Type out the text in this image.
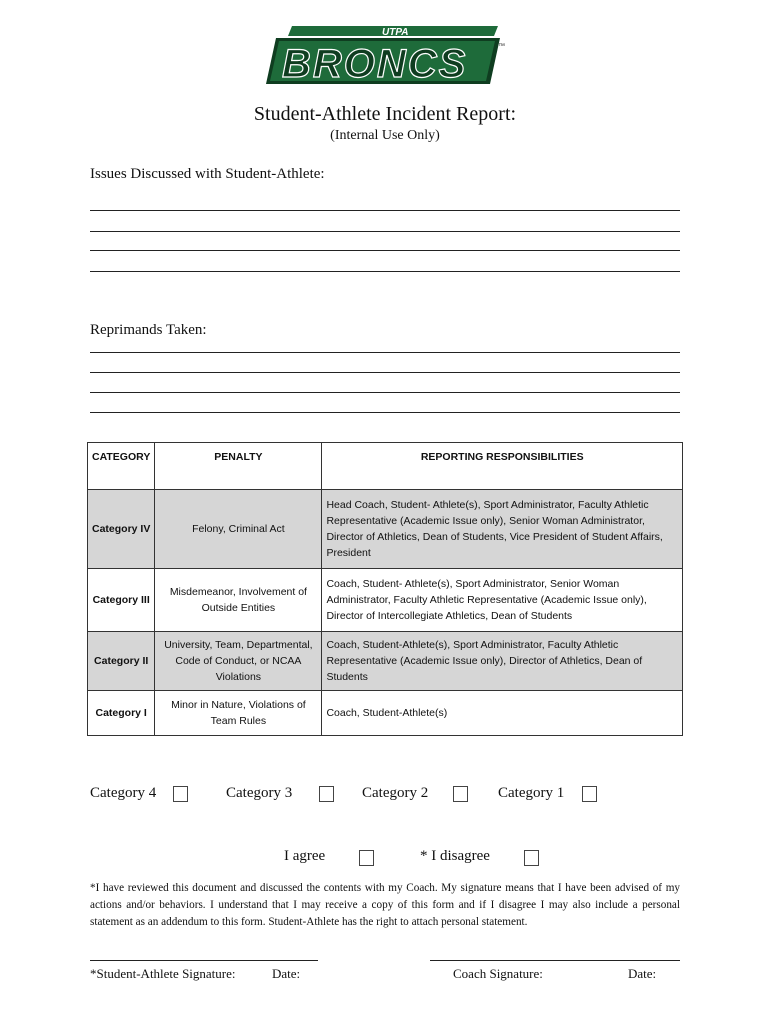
UTPA
BRONCS	™
Student-Athlete Incident Report:
(Internal Use Only)
Issues Discussed with Student-Athlete:
Reprimands Taken:
CATEGORY	PENALTY	REPORTING RESPONSIBILITIES
Category IV	Felony, Criminal Act	Head Coach, Student- Athlete(s), Sport Administrator, Faculty Athletic Representative (Academic Issue only), Senior Woman Administrator, Director of Athletics, Dean of Students, Vice President of Student Affairs, President
Category III	Misdemeanor, Involvement of Outside Entities	Coach, Student- Athlete(s), Sport Administrator, Senior Woman Administrator, Faculty Athletic Representative (Academic Issue only), Director of Intercollegiate Athletics, Dean of Students
Category II	University, Team, Departmental, Code of Conduct, or NCAA Violations	Coach, Student-Athlete(s), Sport Administrator, Faculty Athletic Representative (Academic Issue only), Director of Athletics, Dean of Students
Category I	Minor in Nature, Violations of Team Rules	Coach, Student-Athlete(s)
Category 4	Category 3	Category 2	Category 1
I agree	* I disagree
*I have reviewed this document and discussed the contents with my Coach. My signature means that I have been advised of my actions and/or behaviors. I understand that I may receive a copy of this form and if I disagree I may also include a personal statement as an addendum to this form. Student-Athlete has the right to attach personal statement.
*Student-Athlete Signature:	Date:	Coach Signature:	Date:
